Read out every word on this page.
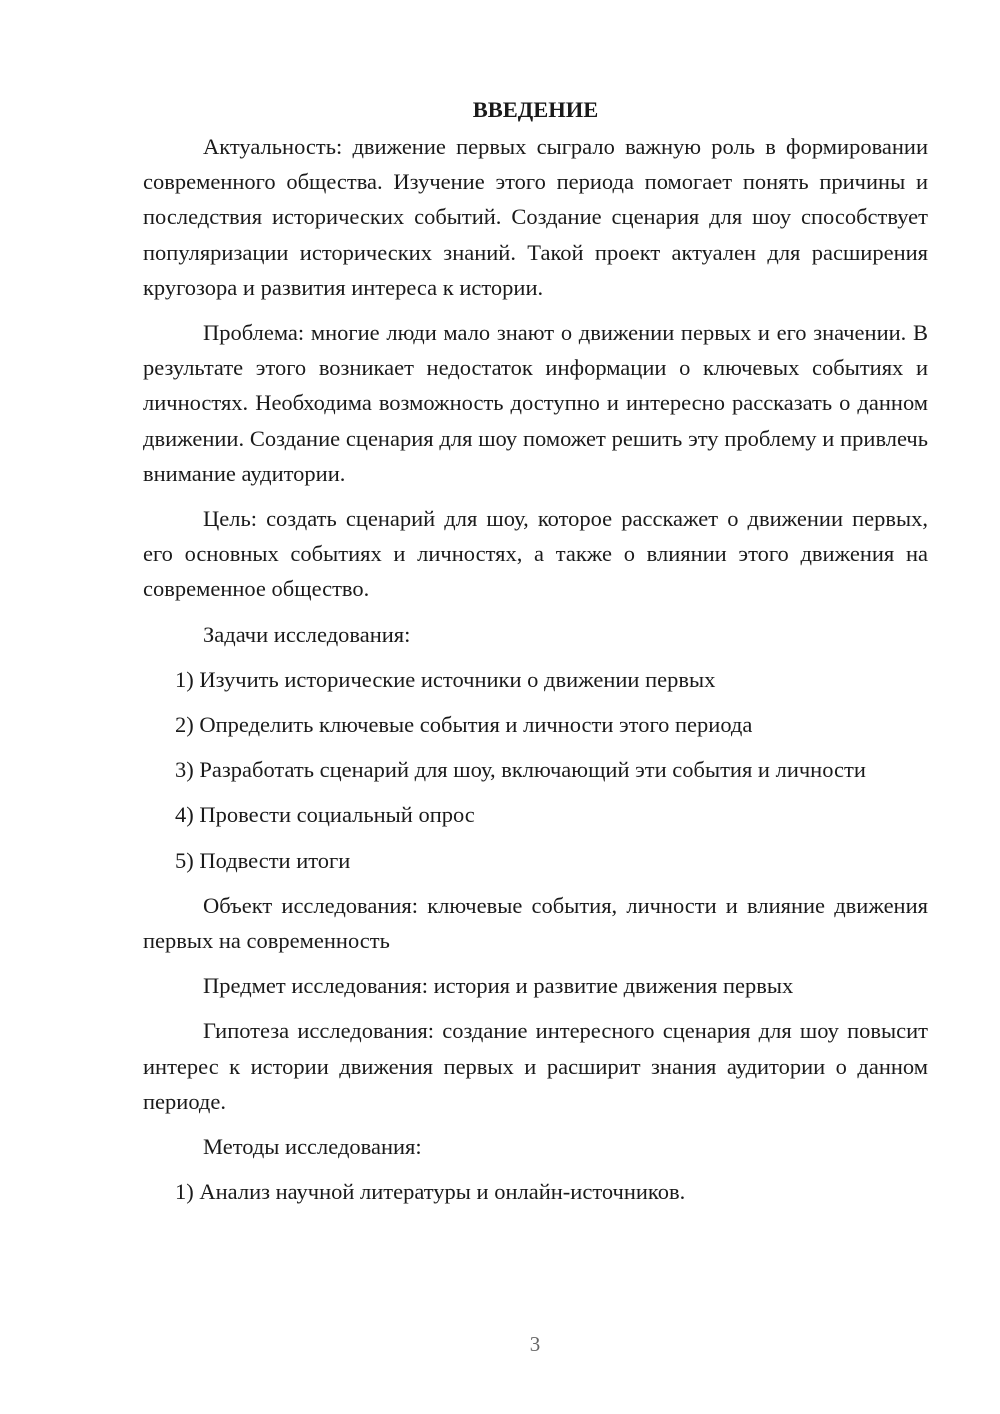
ВВЕДЕНИЕ

Актуальность: движение первых сыграло важную роль в формировании современного общества. Изучение этого периода помогает понять причины и последствия исторических событий. Создание сценария для шоу способствует популяризации исторических знаний. Такой проект актуален для расширения кругозора и развития интереса к истории.

Проблема: многие люди мало знают о движении первых и его значении. В результате этого возникает недостаток информации о ключевых событиях и личностях. Необходима возможность доступно и интересно рассказать о данном движении. Создание сценария для шоу поможет решить эту проблему и привлечь внимание аудитории.

Цель: создать сценарий для шоу, которое расскажет о движении первых, его основных событиях и личностях, а также о влиянии этого движения на современное общество.

Задачи исследования:

1) Изучить исторические источники о движении первых

2) Определить ключевые события и личности этого периода

3) Разработать сценарий для шоу, включающий эти события и личности

4) Провести социальный опрос

5) Подвести итоги

Объект исследования: ключевые события, личности и влияние движения первых на современность

Предмет исследования: история и развитие движения первых

Гипотеза исследования: создание интересного сценария для шоу повысит интерес к истории движения первых и расширит знания аудитории о данном периоде.

Методы исследования:

1) Анализ научной литературы и онлайн-источников.

3
